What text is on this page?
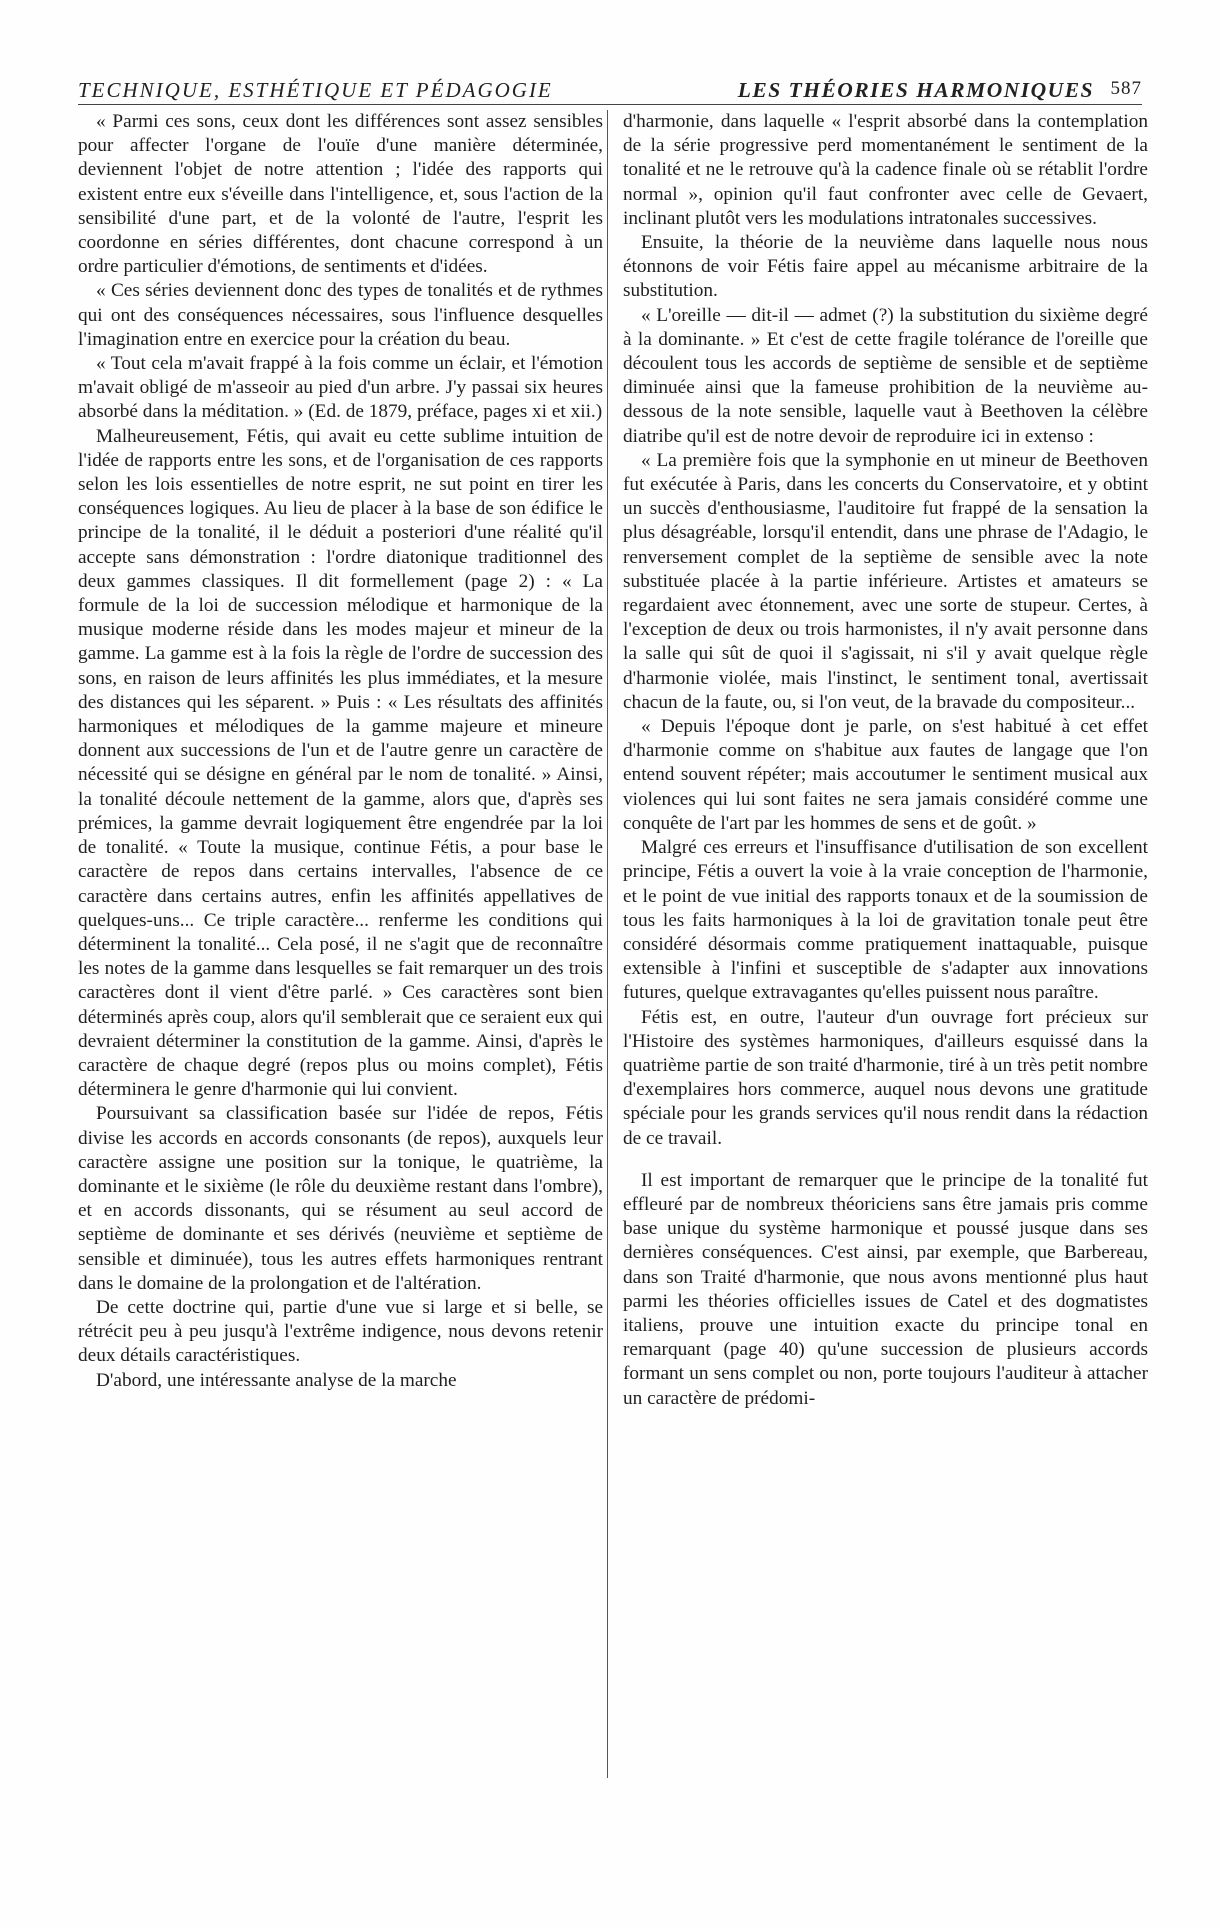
TECHNIQUE, ESTHÉTIQUE ET PÉDAGOGIE	LES THÉORIES HARMONIQUES 587

« Parmi ces sons, ceux dont les différences sont assez sensibles pour affecter l'organe de l'ouïe d'une manière déterminée, deviennent l'objet de notre attention ; l'idée des rapports qui existent entre eux s'éveille dans l'intelligence, et, sous l'action de la sensibilité d'une part, et de la volonté de l'autre, l'esprit les coordonne en séries différentes, dont chacune correspond à un ordre particulier d'émotions, de sentiments et d'idées.

« Ces séries deviennent donc des types de tonalités et de rythmes qui ont des conséquences nécessaires, sous l'influence desquelles l'imagination entre en exercice pour la création du beau.

« Tout cela m'avait frappé à la fois comme un éclair, et l'émotion m'avait obligé de m'asseoir au pied d'un arbre. J'y passai six heures absorbé dans la méditation. » (Ed. de 1879, préface, pages xi et xii.)

Malheureusement, Fétis, qui avait eu cette sublime intuition de l'idée de rapports entre les sons, et de l'organisation de ces rapports selon les lois essentielles de notre esprit, ne sut point en tirer les conséquences logiques. Au lieu de placer à la base de son édifice le principe de la tonalité, il le déduit a posteriori d'une réalité qu'il accepte sans démonstration : l'ordre diatonique traditionnel des deux gammes classiques. Il dit formellement (page 2) : « La formule de la loi de succession mélodique et harmonique de la musique moderne réside dans les modes majeur et mineur de la gamme. La gamme est à la fois la règle de l'ordre de succession des sons, en raison de leurs affinités les plus immédiates, et la mesure des distances qui les séparent. » Puis : « Les résultats des affinités harmoniques et mélodiques de la gamme majeure et mineure donnent aux successions de l'un et de l'autre genre un caractère de nécessité qui se désigne en général par le nom de tonalité. » Ainsi, la tonalité découle nettement de la gamme, alors que, d'après ses prémices, la gamme devrait logiquement être engendrée par la loi de tonalité. « Toute la musique, continue Fétis, a pour base le caractère de repos dans certains intervalles, l'absence de ce caractère dans certains autres, enfin les affinités appellatives de quelques-uns... Ce triple caractère... renferme les conditions qui déterminent la tonalité... Cela posé, il ne s'agit que de reconnaître les notes de la gamme dans lesquelles se fait remarquer un des trois caractères dont il vient d'être parlé. » Ces caractères sont bien déterminés après coup, alors qu'il semblerait que ce seraient eux qui devraient déterminer la constitution de la gamme. Ainsi, d'après le caractère de chaque degré (repos plus ou moins complet), Fétis déterminera le genre d'harmonie qui lui convient.

Poursuivant sa classification basée sur l'idée de repos, Fétis divise les accords en accords consonants (de repos), auxquels leur caractère assigne une position sur la tonique, le quatrième, la dominante et le sixième (le rôle du deuxième restant dans l'ombre), et en accords dissonants, qui se résument au seul accord de septième de dominante et ses dérivés (neuvième et septième de sensible et diminuée), tous les autres effets harmoniques rentrant dans le domaine de la prolongation et de l'altération.

De cette doctrine qui, partie d'une vue si large et si belle, se rétrécit peu à peu jusqu'à l'extrême indigence, nous devons retenir deux détails caractéristiques.

D'abord, une intéressante analyse de la marche

d'harmonie, dans laquelle « l'esprit absorbé dans la contemplation de la série progressive perd momentanément le sentiment de la tonalité et ne le retrouve qu'à la cadence finale où se rétablit l'ordre normal », opinion qu'il faut confronter avec celle de Gevaert, inclinant plutôt vers les modulations intratonales successives.

Ensuite, la théorie de la neuvième dans laquelle nous nous étonnons de voir Fétis faire appel au mécanisme arbitraire de la substitution.

« L'oreille — dit-il — admet (?) la substitution du sixième degré à la dominante. » Et c'est de cette fragile tolérance de l'oreille que découlent tous les accords de septième de sensible et de septième diminuée ainsi que la fameuse prohibition de la neuvième au-dessous de la note sensible, laquelle vaut à Beethoven la célèbre diatribe qu'il est de notre devoir de reproduire ici in extenso :

« La première fois que la symphonie en ut mineur de Beethoven fut exécutée à Paris, dans les concerts du Conservatoire, et y obtint un succès d'enthousiasme, l'auditoire fut frappé de la sensation la plus désagréable, lorsqu'il entendit, dans une phrase de l'Adagio, le renversement complet de la septième de sensible avec la note substituée placée à la partie inférieure. Artistes et amateurs se regardaient avec étonnement, avec une sorte de stupeur. Certes, à l'exception de deux ou trois harmonistes, il n'y avait personne dans la salle qui sût de quoi il s'agissait, ni s'il y avait quelque règle d'harmonie violée, mais l'instinct, le sentiment tonal, avertissait chacun de la faute, ou, si l'on veut, de la bravade du compositeur...

« Depuis l'époque dont je parle, on s'est habitué à cet effet d'harmonie comme on s'habitue aux fautes de langage que l'on entend souvent répéter; mais accoutumer le sentiment musical aux violences qui lui sont faites ne sera jamais considéré comme une conquête de l'art par les hommes de sens et de goût. »

Malgré ces erreurs et l'insuffisance d'utilisation de son excellent principe, Fétis a ouvert la voie à la vraie conception de l'harmonie, et le point de vue initial des rapports tonaux et de la soumission de tous les faits harmoniques à la loi de gravitation tonale peut être considéré désormais comme pratiquement inattaquable, puisque extensible à l'infini et susceptible de s'adapter aux innovations futures, quelque extravagantes qu'elles puissent nous paraître.

Fétis est, en outre, l'auteur d'un ouvrage fort précieux sur l'Histoire des systèmes harmoniques, d'ailleurs esquissé dans la quatrième partie de son traité d'harmonie, tiré à un très petit nombre d'exemplaires hors commerce, auquel nous devons une gratitude spéciale pour les grands services qu'il nous rendit dans la rédaction de ce travail.

Il est important de remarquer que le principe de la tonalité fut effleuré par de nombreux théoriciens sans être jamais pris comme base unique du système harmonique et poussé jusque dans ses dernières conséquences. C'est ainsi, par exemple, que Barbereau, dans son Traité d'harmonie, que nous avons mentionné plus haut parmi les théories officielles issues de Catel et des dogmatistes italiens, prouve une intuition exacte du principe tonal en remarquant (page 40) qu'une succession de plusieurs accords formant un sens complet ou non, porte toujours l'auditeur à attacher un caractère de prédomi-
